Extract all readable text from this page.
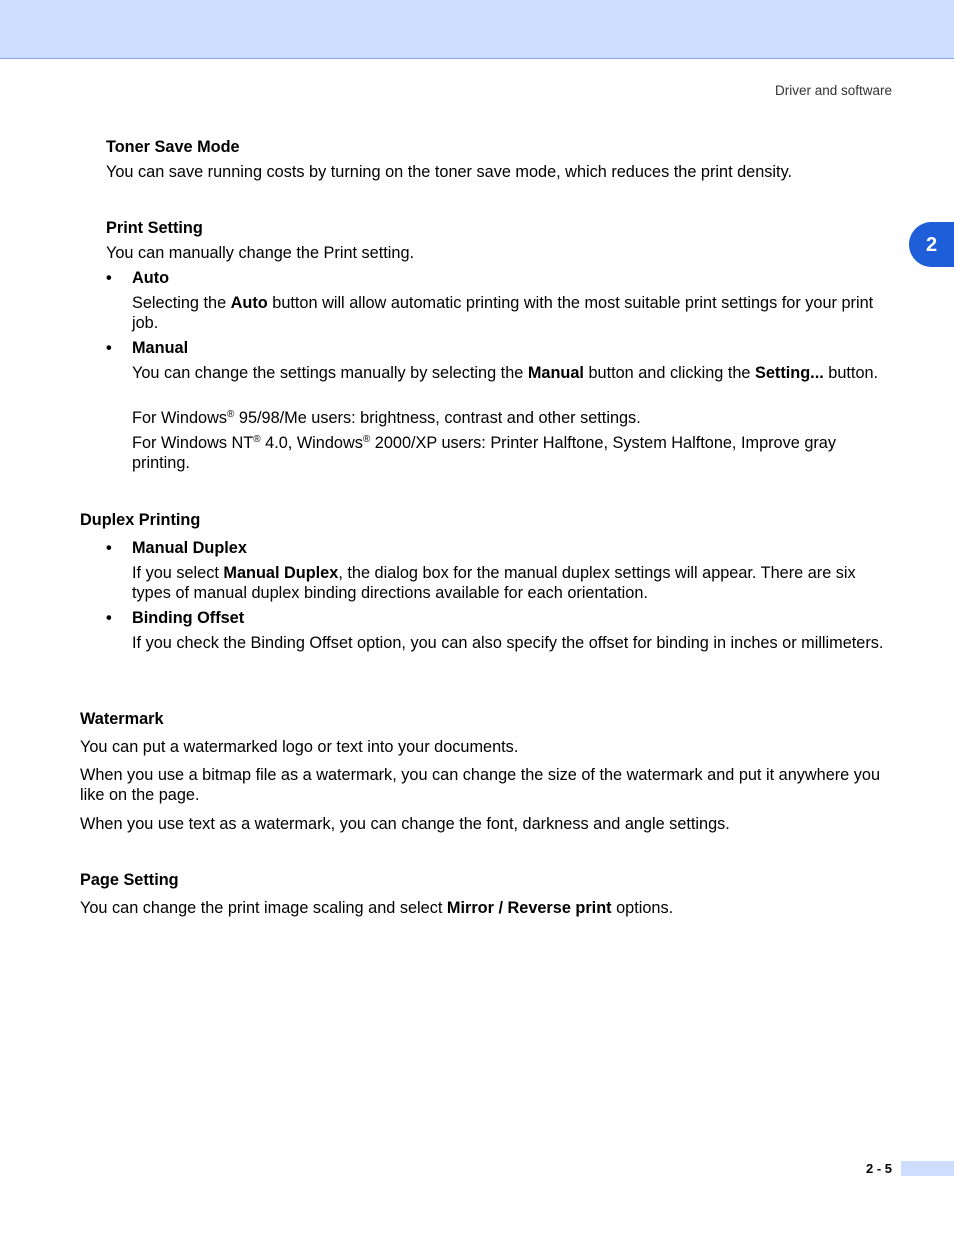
Driver and software
2
Toner Save Mode
You can save running costs by turning on the toner save mode, which reduces the print density.
Print Setting
You can manually change the Print setting.
• Auto
Selecting the Auto button will allow automatic printing with the most suitable print settings for your print job.
• Manual
You can change the settings manually by selecting the Manual button and clicking the Setting... button.
For Windows® 95/98/Me users: brightness, contrast and other settings.
For Windows NT® 4.0, Windows® 2000/XP users: Printer Halftone, System Halftone, Improve gray printing.
Duplex Printing
• Manual Duplex
If you select Manual Duplex, the dialog box for the manual duplex settings will appear. There are six types of manual duplex binding directions available for each orientation.
• Binding Offset
If you check the Binding Offset option, you can also specify the offset for binding in inches or millimeters.
Watermark
You can put a watermarked logo or text into your documents.
When you use a bitmap file as a watermark, you can change the size of the watermark and put it anywhere you like on the page.
When you use text as a watermark, you can change the font, darkness and angle settings.
Page Setting
You can change the print image scaling and select Mirror / Reverse print options.
2 - 5
